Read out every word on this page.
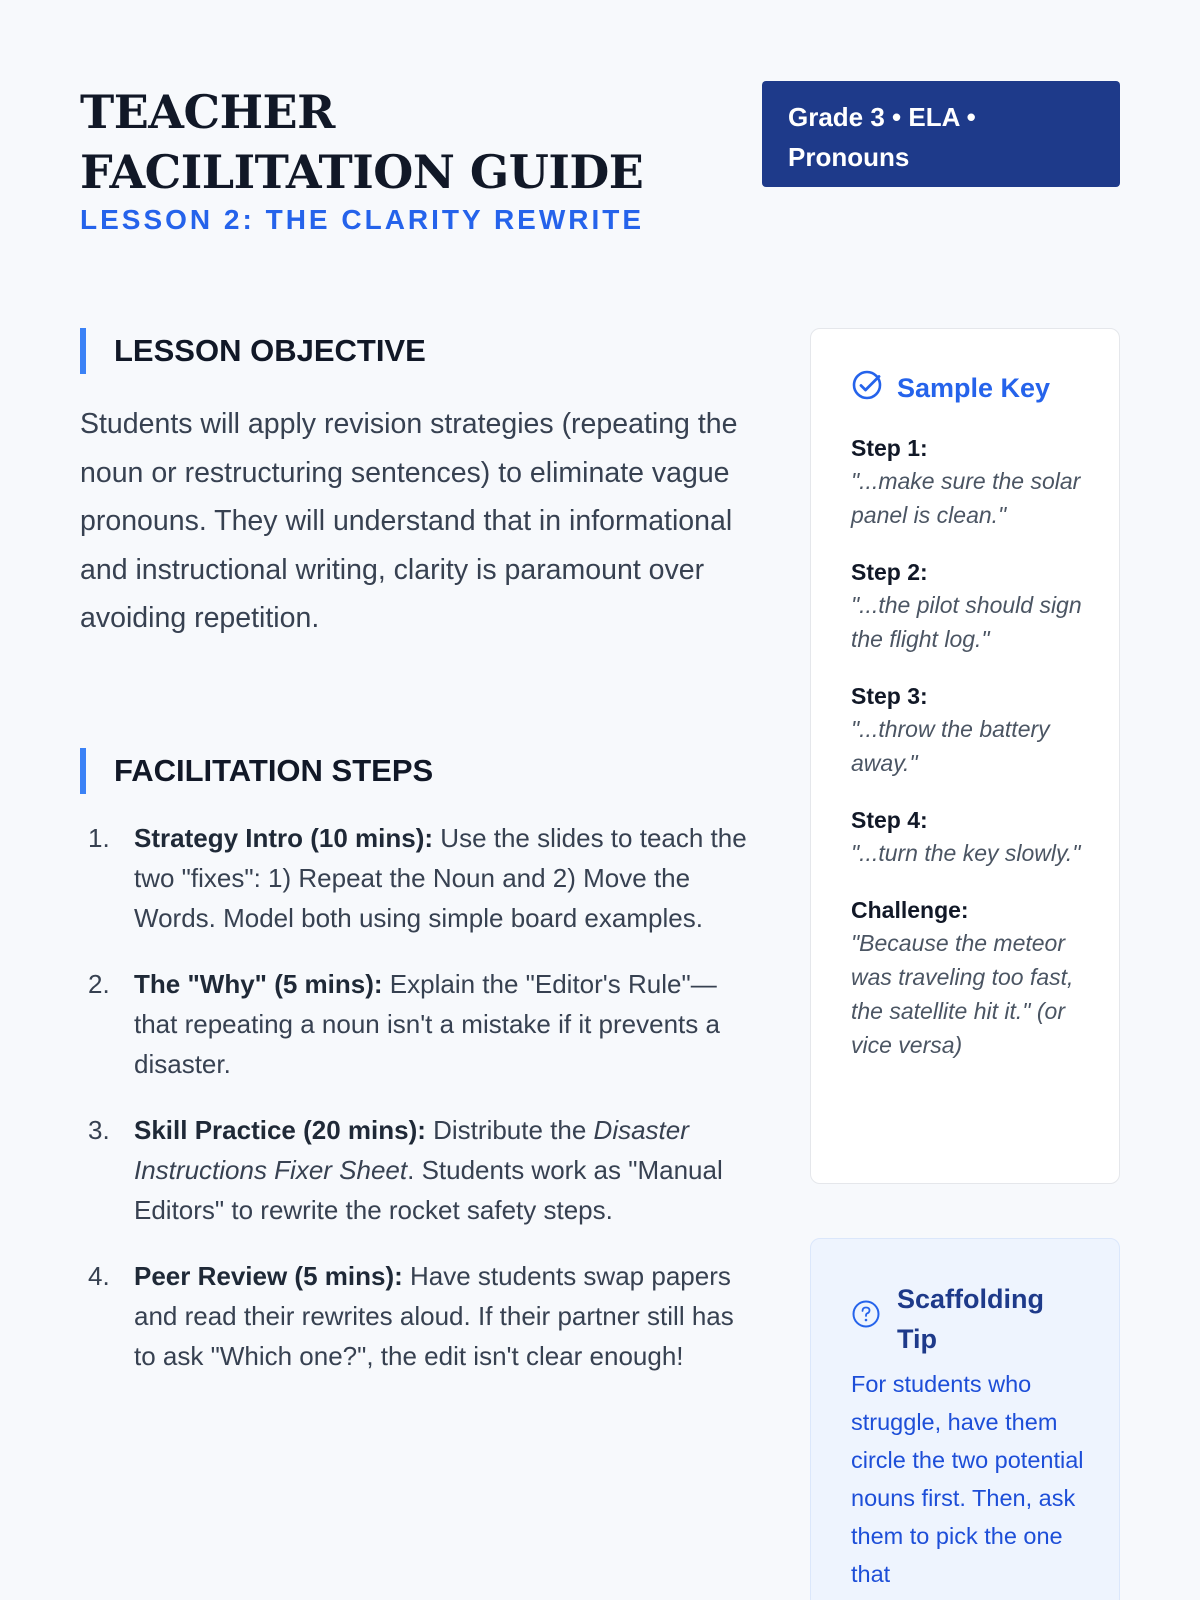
TEACHER FACILITATION GUIDE
LESSON 2: THE CLARITY REWRITE
Grade 3 • ELA • Pronouns
LESSON OBJECTIVE

Students will apply revision strategies (repeating the noun or restructuring sentences) to eliminate vague pronouns. They will understand that in informational and instructional writing, clarity is paramount over avoiding repetition.

FACILITATION STEPS
1. Strategy Intro (10 mins): Use the slides to teach the two "fixes": 1) Repeat the Noun and 2) Move the Words. Model both using simple board examples.
2. The "Why" (5 mins): Explain the "Editor's Rule"—that repeating a noun isn't a mistake if it prevents a disaster.
3. Skill Practice (20 mins): Distribute the Disaster Instructions Fixer Sheet. Students work as "Manual Editors" to rewrite the rocket safety steps.
4. Peer Review (5 mins): Have students swap papers and read their rewrites aloud. If their partner still has to ask "Which one?", the edit isn't clear enough!
Sample Key
Step 1:
"...make sure the solar panel is clean."
Step 2:
"...the pilot should sign the flight log."
Step 3:
"...throw the battery away."
Step 4:
"...turn the key slowly."
Challenge:
"Because the meteor was traveling too fast, the satellite hit it." (or vice versa)
Scaffolding Tip

For students who struggle, have them circle the two potential nouns first. Then, ask them to pick the one that
